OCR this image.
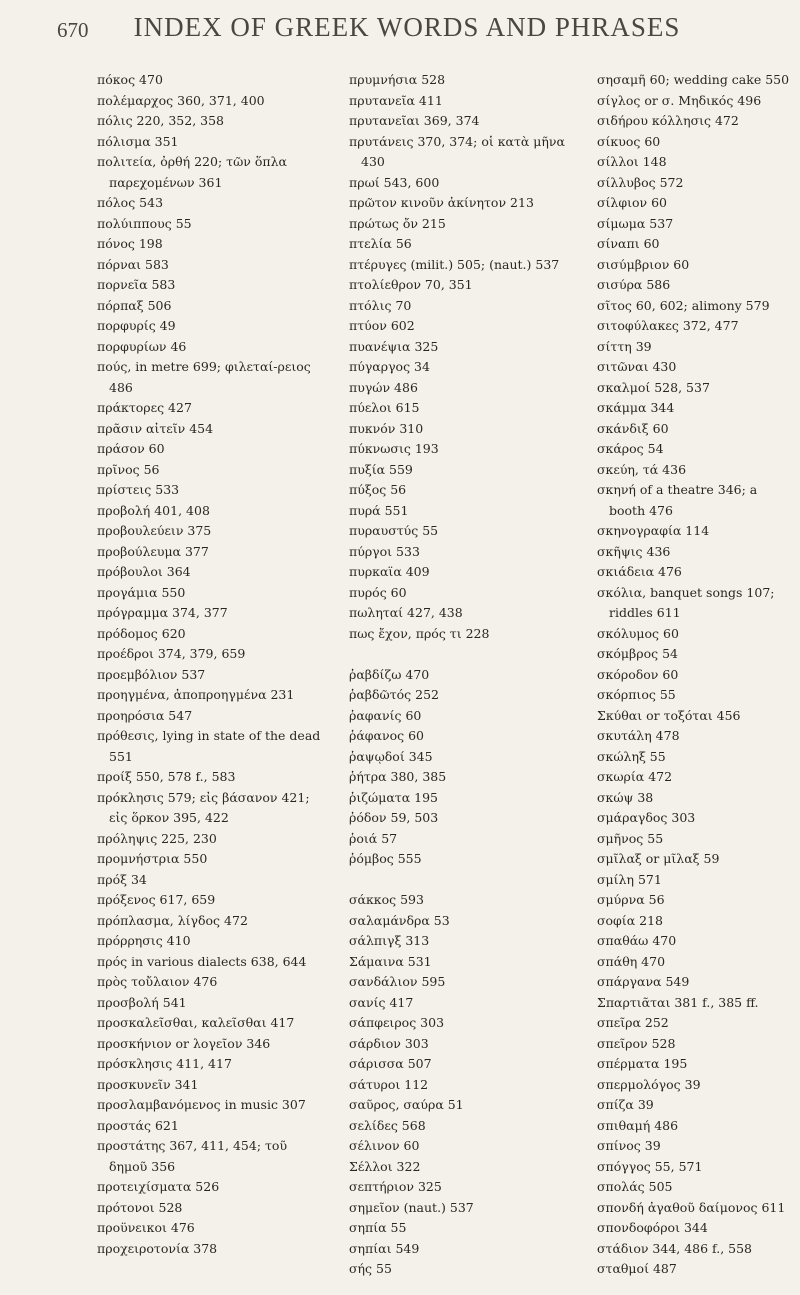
670	INDEX OF GREEK WORDS AND PHRASES
πόκος 470
πολέμαρχος 360, 371, 400
πόλις 220, 352, 358
πόλισμα 351
πολιτεία, ὀρθή 220; τῶν ὅπλα παρεχομένων 361
πόλος 543
πολύιππους 55
πόνος 198
πόρναι 583
πορνεῖα 583
πόρπαξ 506
πορφυρίς 49
πορφυρίων 46
πούς, in metre 699; φιλεταί-ρειος 486
πράκτορες 427
πρᾶσιν αἰτεῖν 454
πράσον 60
πρῖνος 56
πρίστεις 533
προβολή 401, 408
προβουλεύειν 375
προβούλευμα 377
πρόβουλοι 364
προγάμια 550
πρόγραμμα 374, 377
πρόδομος 620
προέδροι 374, 379, 659
προεμβόλιον 537
προηγμένα, ἀποπροηγμένα 231
προηρόσια 547
πρόθεσις, lying in state of the dead 551
προίξ 550, 578 f., 583
πρόκλησις 579; εἰς βάσανον 421; εἰς ὅρκον 395, 422
πρόληψις 225, 230
προμνήστρια 550
πρόξ 34
πρόξενος 617, 659
πρόπλασμα, λίγδος 472
πρόρρησις 410
πρός in various dialects 638, 644
πρὸς τοὔλαιον 476
προσβολή 541
προσκαλεῖσθαι, καλεῖσθαι 417
προσκήνιον or λογεῖον 346
πρόσκλησις 411, 417
προσκυνεῖν 341
προσλαμβανόμενος in music 307
προστάς 621
προστάτης 367, 411, 454; τοῦ δημοῦ 356
προτειχίσματα 526
πρότονοι 528
προϋνεικοι 476
προχειροτονία 378
πρυμνήσια 528
πρυτανεῖα 411
πρυτανεῖαι 369, 374
πρυτάνεις 370, 374; οἱ κατὰ μῆνα 430
πρωί 543, 600
πρῶτον κινοῦν ἀκίνητον 213
πρώτως ὄν 215
πτελία 56
πτέρυγες (milit.) 505; (naut.) 537
πτολίεθρον 70, 351
πτόλις 70
πτύον 602
πυανέψια 325
πύγαργος 34
πυγών 486
πύελοι 615
πυκνόν 310
πύκνωσις 193
πυξία 559
πύξος 56
πυρά 551
πυραυστύς 55
πύργοι 533
πυρκαϊα 409
πυρός 60
πωληταί 427, 438
πως ἔχον, πρός τι 228

ῥαβδίζω 470
ῥαβδῶτός 252
ῥαφανίς 60
ῥάφανος 60
ῥαψῳδοί 345
ῥήτρα 380, 385
ῥιζώματα 195
ῥόδον 59, 503
ῥοιά 57
ῥόμβος 555

σάκκος 593
σαλαμάνδρα 53
σάλπιγξ 313
Σάμαινα 531
σανδάλιον 595
σανίς 417
σάπφειρος 303
σάρδιον 303
σάρισσα 507
σάτυροι 112
σαῦρος, σαύρα 51
σελίδες 568
σέλινον 60
Σέλλοι 322
σεπτήριον 325
σημεῖον (naut.) 537
σηπία 55
σηπίαι 549
σής 55
σησαμῆ 60; wedding cake 550
σίγλος or σ. Μηδικός 496
σιδήρου κόλλησις 472
σίκυος 60
σίλλοι 148
σίλλυβος 572
σίλφιον 60
σίμωμα 537
σίναπι 60
σισύμβριον 60
σισύρα 586
σῖτος 60, 602; alimony 579
σιτοφύλακες 372, 477
σίττη 39
σιτῶναι 430
σκαλμοί 528, 537
σκάμμα 344
σκάνδιξ 60
σκάρος 54
σκεύη, τά 436
σκηνή of a theatre 346; a booth 476
σκηνογραφία 114
σκῆψις 436
σκιάδεια 476
σκόλια, banquet songs 107; riddles 611
σκόλυμος 60
σκόμβρος 54
σκόροδον 60
σκόρπιος 55
Σκύθαι or τοξόται 456
σκυτάλη 478
σκώληξ 55
σκωρία 472
σκώψ 38
σμάραγδος 303
σμῆνος 55
σμῖλαξ or μῖλαξ 59
σμίλη 571
σμύρνα 56
σοφία 218
σπαθάω 470
σπάθη 470
σπάργανα 549
Σπαρτιᾶται 381 f., 385 ff.
σπεῖρα 252
σπεῖρον 528
σπέρματα 195
σπερμολόγος 39
σπίζα 39
σπιθαμή 486
σπίνος 39
σπόγγος 55, 571
σπολάς 505
σπονδή ἀγαθοῦ δαίμονος 611
σπονδοφόροι 344
στάδιον 344, 486 f., 558
σταθμοί 487
